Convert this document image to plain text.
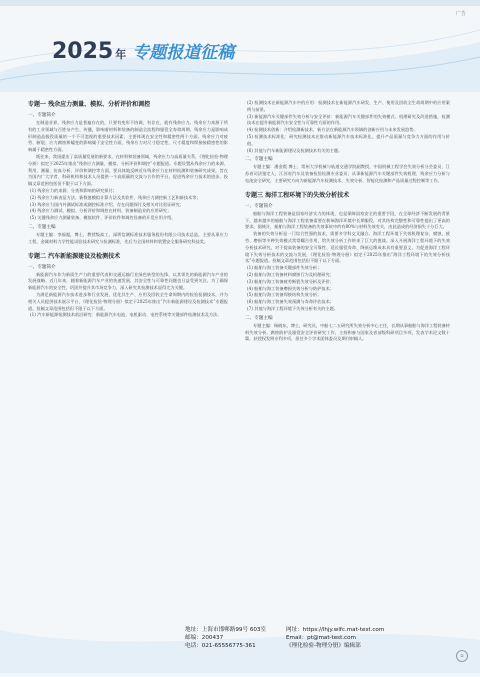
广告
2025 年 专题报道征稿
专题一 残余应力测量、模拟、分析评价和调控
一、专题简介

在制造业界，残余应力是普遍存在的，只要有变形不协调，有存在，就有残余应力。残余应力来源于所有的工业领域与百姓杂产生、传播，影响着材料和装备的制造全流程和服役全寿命周期。残余应力是影响成形制造品服役质量的一个不可忽视的重要技术因素，主要体现在安全性和精密性两个方面。残余应力对疲劳、断裂、应力腐蚀和蠕变的影响属于安全性方面，残余应力对尺寸稳定性、尺寸精度和焊接接精密性的影响属于精密性方面。

既往来，我国提出了高质量发展的新要求，在材料和装备领域，残余应力与高质量关系，《理化检验-物理分册》拟定于2025年推出“残余应力测量、模拟、分析评价和调控”专题报道。专题设置从残余应力的来源、利用、测量、仿真分析、评价和调控等方面，要具体地反映近年残余应力在材料检测和装备研究成果，旨在为国内广大学者、科研机构和技术人员提供一个高质量的交流与合作的平台，促进残余应力技术的进步。投稿文章范围包括但不限于以下方面。

(1) 残余应力的来源、分类和影响的研究探讨；

(2) 残余应力新表征方法、新数值模拟计算方法及其软件、残余应力测控新工艺和新技术等；

(3) 残余应力国内外测试标准或测控标准介绍、存在问题探讨及相关对比验证研究；

(4) 残余应力测试、模拟、分析评价和调控在材料、装备制造业的应用研究；

(5) 关键残余应力测量装备、模拟软件、评价软件和调控设备的开发应用介绍。

二、专题主编

专题主编：李福超，博士，教授级高工，深圳信测标准技术服务股份有限公司技术总监，主要从事应力工程、金属材料力学性能试验技术研究与检测标准，先后为全国材料和装置安全服务研究科技奖。

专题二 汽车新能源建设及检测技术
一、专题简介

新能源汽车作为新质生产力的重要代表和交通运输行业绿色转型的先锋，以其领先的新能源汽车产业的发展战略。近几年来，随着新能源汽车产业的快速发展，其安全性与可靠性问题也日益受到关注。为了确保新能源汽车的安全性，巩固并提升其市场竞争力，深入研究其检测技术显得尤为关键。

为满足新能源汽车技术进步和行业发展，优化其生产、应用及回收全生命周期内的检验检测技术，并为相关人员提供技术展示平台，《理化检验-物理分册》拟定于2025年推出“汽车新能源建设及检测技术”专题报道。投稿文章范围包括但不限于以下方面。

(1) 汽车新能源检测技术前沿研究：新能源汽车电池、电机驱动、电控系统等关键部件检测技术及方法。

(2) 检测技术在新能源汽车中的应用：检测技术在新能源汽车研发、生产、使用及回收全生命周期中的应用案例与前景。

(3) 新能源汽车关键部件失效分析与安全评价：新能源汽车关键部件的失效模式、机理研究及改进措施，检测技术在提升新能源汽车安全性与可靠性方面的作用。

(4) 检测技术创新：介绍检测新技术、新方法在新能源汽车领域的创新应用与未来发展趋势。

(5) 检测技术标准化：研究检测技术在推动新能源汽车技术标准化、提升产品质量与竞争力方面的作用与价值。

(6) 其他与汽车新能源建设及检测技术有关的主题。

二、专题主编

专题主编：潘金霞 博士，常州大学机械与轨道交通学院副教授，中国机械工程学会失效分析分会委员，江苏省司法鉴定人，江苏省汽车及装备检验检测专业委员；从事新能源汽车关键部件失效机理、残余应力分析与电池安全研究，主要研究方向为新能源汽车检测技术、失效分析、智能化检测和产品质量过程控制等工作。

专题三 海洋工程环境下的失效分析技术
一、专题简介

船舶与海洋工程装备是国家经济实力的体现，也是保障国家安全的重要手段，在全球经济不断发展的背景下，越来越多的船舶与海洋工程装备需要在极端海洋环境中长期服役，对其结构完整性和可靠性提出了更高的要求。据统计，船舶与海洋工程装备的失效事故中约有80%与材料失效有关，由此造成的经济损失十分巨大。

装备的失效分析是一门综合性强的技术，需要多学科交叉融合。海洋工程环境下失效机理复杂，腐蚀、疲劳、磨损等多种失效模式常常耦合作用，给失效分析工作带来了巨大的挑战。深入开展海洋工程环境下的失效分析技术研究，对于提高装备的安全可靠性、延长服役寿命、降低运维成本具有重要意义。为促进海洋工程环境下失效分析技术的交流与发展，《理化检验-物理分册》拟定于2025年推出“海洋工程环境下的失效分析技术”专题报道。投稿文章范围包括但不限于以下方面。

(1) 船舶与海工装备关键部件失效分析；

(2) 船舶与海工装备材料腐蚀行为及机理研究；

(3) 船舶与海工装备疲劳断裂失效分析及评价；

(4) 船舶与海工装备磨损失效分析与防护技术；

(5) 船舶与海工装备焊接结构失效分析；

(6) 船舶与海工装备失效预测与寿命评估技术；

(7) 其他与海洋工程环境下失效分析有关的主题。

二、专题主编

专题主编：杨晓东，博士，研究员，中船七二五研究所失效分析中心主任，长期从事船舶与海洋工程装备材料失效分析、腐蚀防护及服役安全评价研究工作，主持和参与国家及省部级科研项目多项，发表学术论文数十篇，获授权发明专利多项，担任多个学术团体委员及期刊审稿人。

地址：上海市邯郸路99号 603室
邮编：200437
电话：021-65556775-361
网址：https://lhjy.wlfc.mat-test.com
Email：pt@mat-test.com
《理化检验-物理分册》编辑部
①
